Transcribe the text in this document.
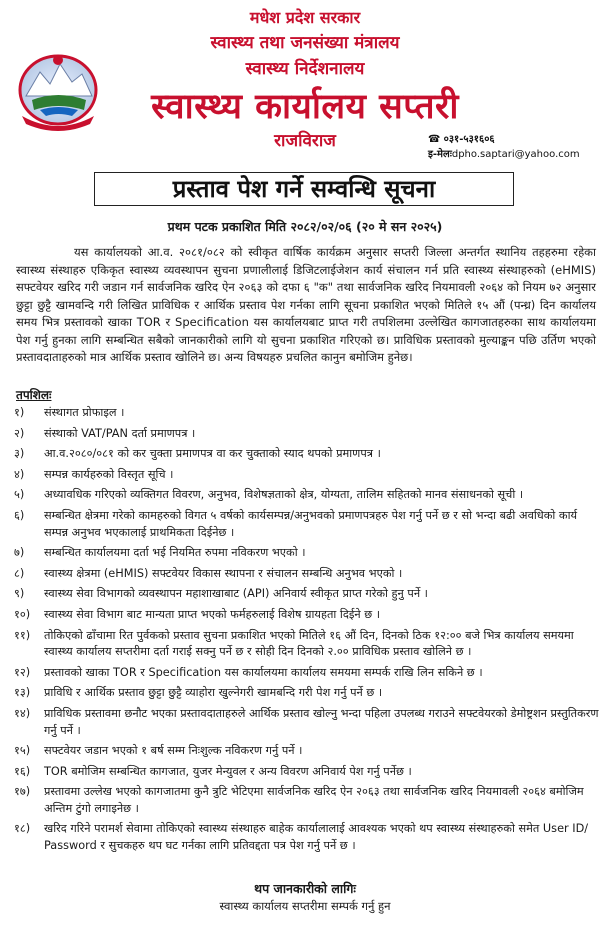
मधेश प्रदेश सरकार
स्वास्थ्य तथा जनसंख्या मंत्रालय
स्वास्थ्य निर्देशनालय
स्वास्थ्य कार्यालय सप्तरी
राजविराज	☎ ०३१-५३१६०६
इ-मेलःdpho.saptari@yahoo.com
प्रस्ताव पेश गर्ने सम्वन्धि सूचना
प्रथम पटक प्रकाशित मिति २०८२/०२/०६ (२० मे सन २०२५)

यस कार्यालयको आ.व. २०८१/०८२ को स्वीकृत वार्षिक कार्यक्रम अनुसार सप्तरी जिल्ला अन्तर्गत स्थानिय तहहरुमा रहेका स्वास्थ्य संस्थाहरु एकिकृत स्वास्थ्य व्यवस्थापन सुचना प्रणालीलाई डिजिटलाईजेशन कार्य संचालन गर्न प्रति स्वास्थ्य संस्थाहरुको (eHMIS) सफ्टवेयर खरिद गरी जडान गर्न सार्वजनिक खरिद ऐन २०६३ को दफा ६ "क" तथा सार्वजनिक खरिद नियमावली २०६४ को नियम ७२ अनुसार छुट्टा छुट्टै खामवन्दि गरी लिखित प्राविधिक र आर्थिक प्रस्ताव पेश गर्नका लागि सूचना प्रकाशित भएको मितिले १५ औं (पन्ध्र) दिन कार्यालय समय भित्र प्रस्तावको खाका TOR र Specification यस कार्यालयबाट प्राप्त गरी तपशिलमा उल्लेखित कागजातहरुका साथ कार्यालयमा पेश गर्नु हुनका लागि सम्बन्धित सबैको जानकारीको लागि यो सुचना प्रकाशित गरिएको छ। प्राविधिक प्रस्तावको मुल्याङ्कन पछि उर्तिण भएको प्रस्तावदाताहरुको मात्र आर्थिक प्रस्ताव खोलिने छ। अन्य विषयहरु प्रचलित कानुन बमोजिम हुनेछ।

तपशिलः
१) संस्थागत प्रोफाइल ।
२) संस्थाको VAT/PAN दर्ता प्रमाणपत्र ।
३) आ.व.२०८०/०८१ को कर चुक्ता प्रमाणपत्र वा कर चुक्ताको स्याद थपको प्रमाणपत्र ।
४) सम्पन्न कार्यहरुको विस्तृत सूचि ।
५) अध्यावधिक गरिएको व्यक्तिगत विवरण, अनुभव, विशेषज्ञताको क्षेत्र, योग्यता, तालिम सहितको मानव संसाधनको सूची ।
६) सम्बन्धित क्षेत्रमा गरेको कामहरुको विगत ५ वर्षको कार्यसम्पन्न/अनुभवको प्रमाणपत्रहरु पेश गर्नु पर्ने छ र सो भन्दा बढी अवधिको कार्य सम्पन्न अनुभव भएकालाई प्राथमिकता दिईनेछ ।
७) सम्बन्धित कार्यालयमा दर्ता भई नियमित रुपमा नविकरण भएको ।
८) स्वास्थ्य क्षेत्रमा (eHMIS) सफ्टवेयर विकास स्थापना र संचालन सम्बन्धि अनुभव भएको ।
९) स्वास्थ्य सेवा विभागको व्यवस्थापन महाशाखाबाट (API) अनिवार्य स्वीकृत प्राप्त गरेको हुनु पर्ने ।
१०) स्वास्थ्य सेवा विभाग बाट मान्यता प्राप्त भएको फर्महरुलाई विशेष ग्रायहता दिईने छ ।
११) तोकिएको ढाँचामा रित पुर्वकको प्रस्ताव सुचना प्रकाशित भएको मितिले १६ औं दिन, दिनको ठिक १२:०० बजे भित्र कार्यालय समयमा स्वास्थ्य कार्यालय सप्तरीमा दर्ता गराई सक्नु पर्ने छ र सोही दिन दिनको २.०० प्राविधिक प्रस्ताव खोलिने छ ।
१२) प्रस्तावको खाका TOR र Specification यस कार्यालयमा कार्यालय समयमा सम्पर्क राखि लिन सकिने छ ।
१३) प्राविधि र आर्थिक प्रस्ताव छुट्टा छुट्टै व्याहोरा खुल्नेगरी खामबन्दि गरी पेश गर्नु पर्ने छ ।
१४) प्राविधिक प्रस्तावमा छनौट भएका प्रस्तावदाताहरुले आर्थिक प्रस्ताव खोल्नु भन्दा पहिला उपलब्ध गराउने सफ्टवेयरको डेमोष्ट्रशन प्रस्तुतिकरण गर्नु पर्ने ।
१५) सफ्टवेयर जडान भएको १ बर्ष सम्म निःशुल्क नविकरण गर्नु पर्ने ।
१६) TOR बमोजिम सम्बन्धित कागजात, युजर मेन्युवल र अन्य विवरण अनिवार्य पेश गर्नु पर्नेछ ।
१७) प्रस्तावमा उल्लेख भएको कागजातमा कुनै त्रुटि भेटिएमा सार्वजनिक खरिद ऐन २०६३ तथा सार्वजनिक खरिद नियमावली २०६४ बमोजिम अन्तिम टुंगो लगाइनेछ ।
१८) खरिद गरिने परामर्श सेवामा तोकिएको स्वास्थ्य संस्थाहरु बाहेक कार्यालालाई आवश्यक भएको थप स्वास्थ्य संस्थाहरुको समेत User ID/ Password र सुचकहरु थप घट गर्नका लागि प्रतिवद्दता पत्र पेश गर्नु पर्ने छ ।
थप जानकारीको लागिः
स्वास्थ्य कार्यालय सप्तरीमा सम्पर्क गर्नु हुन
